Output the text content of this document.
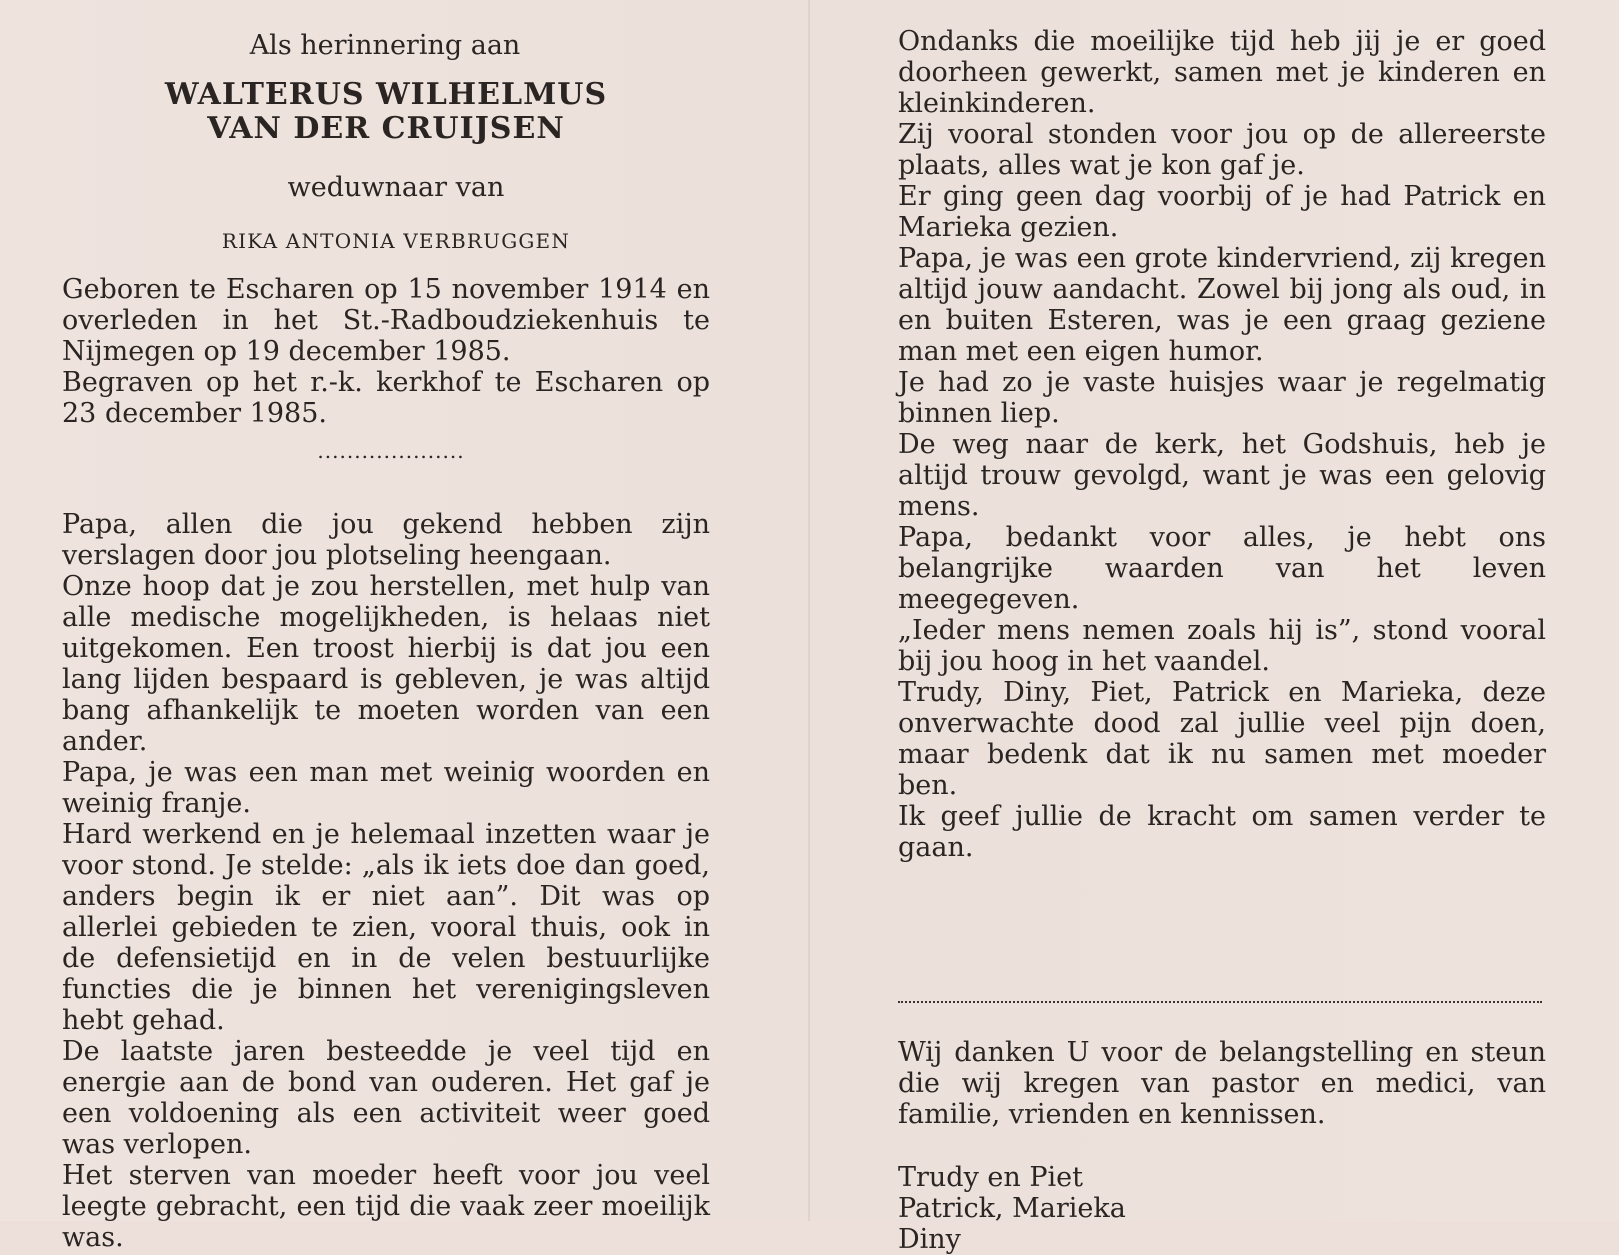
Als herinnering aan
WALTERUS WILHELMUS
VAN DER CRUIJSEN
weduwnaar van
RIKA ANTONIA VERBRUGGEN

Geboren te Escharen op 15 november 1914 en overleden in het St.-Radboudziekenhuis te Nijmegen op 19 december 1985.

Begraven op het r.-k. kerkhof te Escharen op 23 december 1985.

....................

Papa, allen die jou gekend hebben zijn verslagen door jou plotseling heengaan.

Onze hoop dat je zou herstellen, met hulp van alle medische mogelijkheden, is helaas niet uitgekomen. Een troost hierbij is dat jou een lang lijden bespaard is gebleven, je was altijd bang afhankelijk te moeten worden van een ander.

Papa, je was een man met weinig woorden en weinig franje.

Hard werkend en je helemaal inzetten waar je voor stond. Je stelde: „als ik iets doe dan goed, anders begin ik er niet aan”. Dit was op allerlei gebieden te zien, vooral thuis, ook in de defensietijd en in de velen bestuurlijke functies die je binnen het verenigingsleven hebt gehad.

De laatste jaren besteedde je veel tijd en energie aan de bond van ouderen. Het gaf je een voldoening als een activiteit weer goed was verlopen.

Het sterven van moeder heeft voor jou veel leegte gebracht, een tijd die vaak zeer moeilijk was.

Ondanks die moeilijke tijd heb jij je er goed doorheen gewerkt, samen met je kinderen en kleinkinderen.

Zij vooral stonden voor jou op de allereerste plaats, alles wat je kon gaf je.

Er ging geen dag voorbij of je had Patrick en Marieka gezien.

Papa, je was een grote kindervriend, zij kregen altijd jouw aandacht. Zowel bij jong als oud, in en buiten Esteren, was je een graag geziene man met een eigen humor.

Je had zo je vaste huisjes waar je regelmatig binnen liep.

De weg naar de kerk, het Godshuis, heb je altijd trouw gevolgd, want je was een gelovig mens.

Papa, bedankt voor alles, je hebt ons belangrijke waarden van het leven meegegeven.

„Ieder mens nemen zoals hij is”, stond vooral bij jou hoog in het vaandel.

Trudy, Diny, Piet, Patrick en Marieka, deze onverwachte dood zal jullie veel pijn doen, maar bedenk dat ik nu samen met moeder ben.

Ik geef jullie de kracht om samen verder te gaan.

Wij danken U voor de belangstelling en steun die wij kregen van pastor en medici, van familie, vrienden en kennissen.
Trudy en Piet
Patrick, Marieka
Diny
